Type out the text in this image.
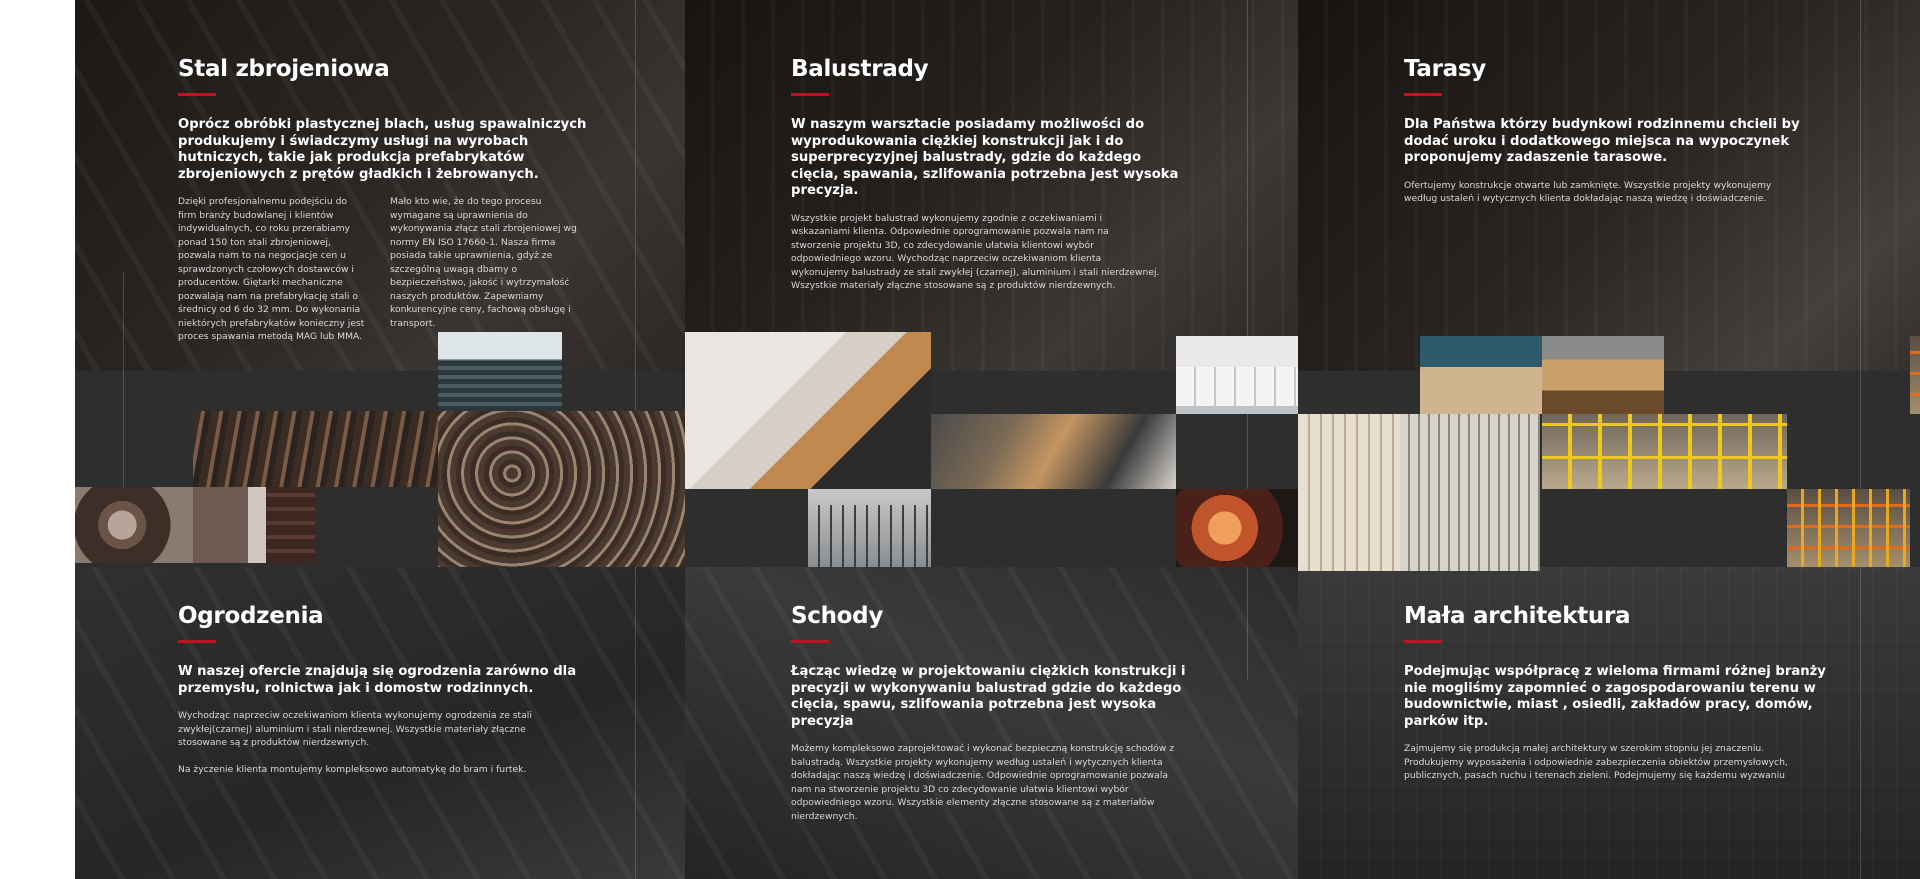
Stal zbrojeniowa
Oprócz obróbki plastycznej blach, usług spawalniczych produkujemy i świadczymy usługi na wyrobach hutniczych, takie jak produkcja prefabrykatów zbrojeniowych z prętów gładkich i żebrowanych.
Dzięki profesjonalnemu podejściu do firm branży budowlanej i klientów indywidualnych, co roku przerabiamy ponad 150 ton stali zbrojeniowej, pozwala nam to na negocjacje cen u sprawdzonych czołowych dostawców i producentów. Giętarki mechaniczne pozwalają nam na prefabrykację stali o średnicy od 6 do 32 mm. Do wykonania niektórych prefabrykatów konieczny jest proces spawania metodą MAG lub MMA.
Mało kto wie, że do tego procesu wymagane są uprawnienia do wykonywania złącz stali zbrojeniowej wg normy EN ISO 17660-1. Nasza firma posiada takie uprawnienia, gdyż ze szczególną uwagą dbamy o bezpieczeństwo, jakość i wytrzymałość naszych produktów. Zapewniamy konkurencyjne ceny, fachową obsługę i transport.
Balustrady
W naszym warsztacie posiadamy możliwości do wyprodukowania ciężkiej konstrukcji jak i do superprecyzyjnej balustrady, gdzie do każdego cięcia, spawania, szlifowania potrzebna jest wysoka precyzja.
Wszystkie projekt balustrad wykonujemy zgodnie z oczekiwaniami i wskazaniami klienta. Odpowiednie oprogramowanie pozwala nam na stworzenie projektu 3D, co zdecydowanie ułatwia klientowi wybór odpowiedniego wzoru. Wychodząc naprzeciw oczekiwaniom klienta wykonujemy balustrady ze stali zwykłej (czarnej), aluminium i stali nierdzewnej. Wszystkie materiały złączne stosowane są z produktów nierdzewnych.
Tarasy
Dla Państwa którzy budynkowi rodzinnemu chcieli by dodać uroku i dodatkowego miejsca na wypoczynek proponujemy zadaszenie tarasowe.
Ofertujemy konstrukcje otwarte lub zamknięte. Wszystkie projekty wykonujemy według ustaleń i wytycznych klienta dokładając naszą wiedzę i doświadczenie.
Ogrodzenia
W naszej ofercie znajdują się ogrodzenia zarówno dla przemysłu, rolnictwa jak i domostw rodzinnych.

Wychodząc naprzeciw oczekiwaniom klienta wykonujemy ogrodzenia ze stali zwykłej(czarnej) aluminium i stali nierdzewnej. Wszystkie materiały złączne stosowane są z produktów nierdzewnych.

Na życzenie klienta montujemy kompleksowo automatykę do bram i furtek.

Schody
Łącząc wiedzę w projektowaniu ciężkich konstrukcji i precyzji w wykonywaniu balustrad gdzie do każdego cięcia, spawu, szlifowania potrzebna jest wysoka precyzja
Możemy kompleksowo zaprojektować i wykonać bezpieczną konstrukcję schodów z balustradą. Wszystkie projekty wykonujemy według ustaleń i wytycznych klienta dokładając naszą wiedzę i doświadczenie. Odpowiednie oprogramowanie pozwala nam na stworzenie projektu 3D co zdecydowanie ułatwia klientowi wybór odpowiedniego wzoru. Wszystkie elementy złączne stosowane są z materiałów nierdzewnych.
Mała architektura
Podejmując współpracę z wieloma firmami różnej branży nie mogliśmy zapomnieć o zagospodarowaniu terenu w budownictwie, miast , osiedli, zakładów pracy, domów, parków itp.
Zajmujemy się produkcją małej architektury w szerokim stopniu jej znaczeniu. Produkujemy wyposażenia i odpowiednie zabezpieczenia obiektów przemysłowych, publicznych, pasach ruchu i terenach zieleni. Podejmujemy się każdemu wyzwaniu
